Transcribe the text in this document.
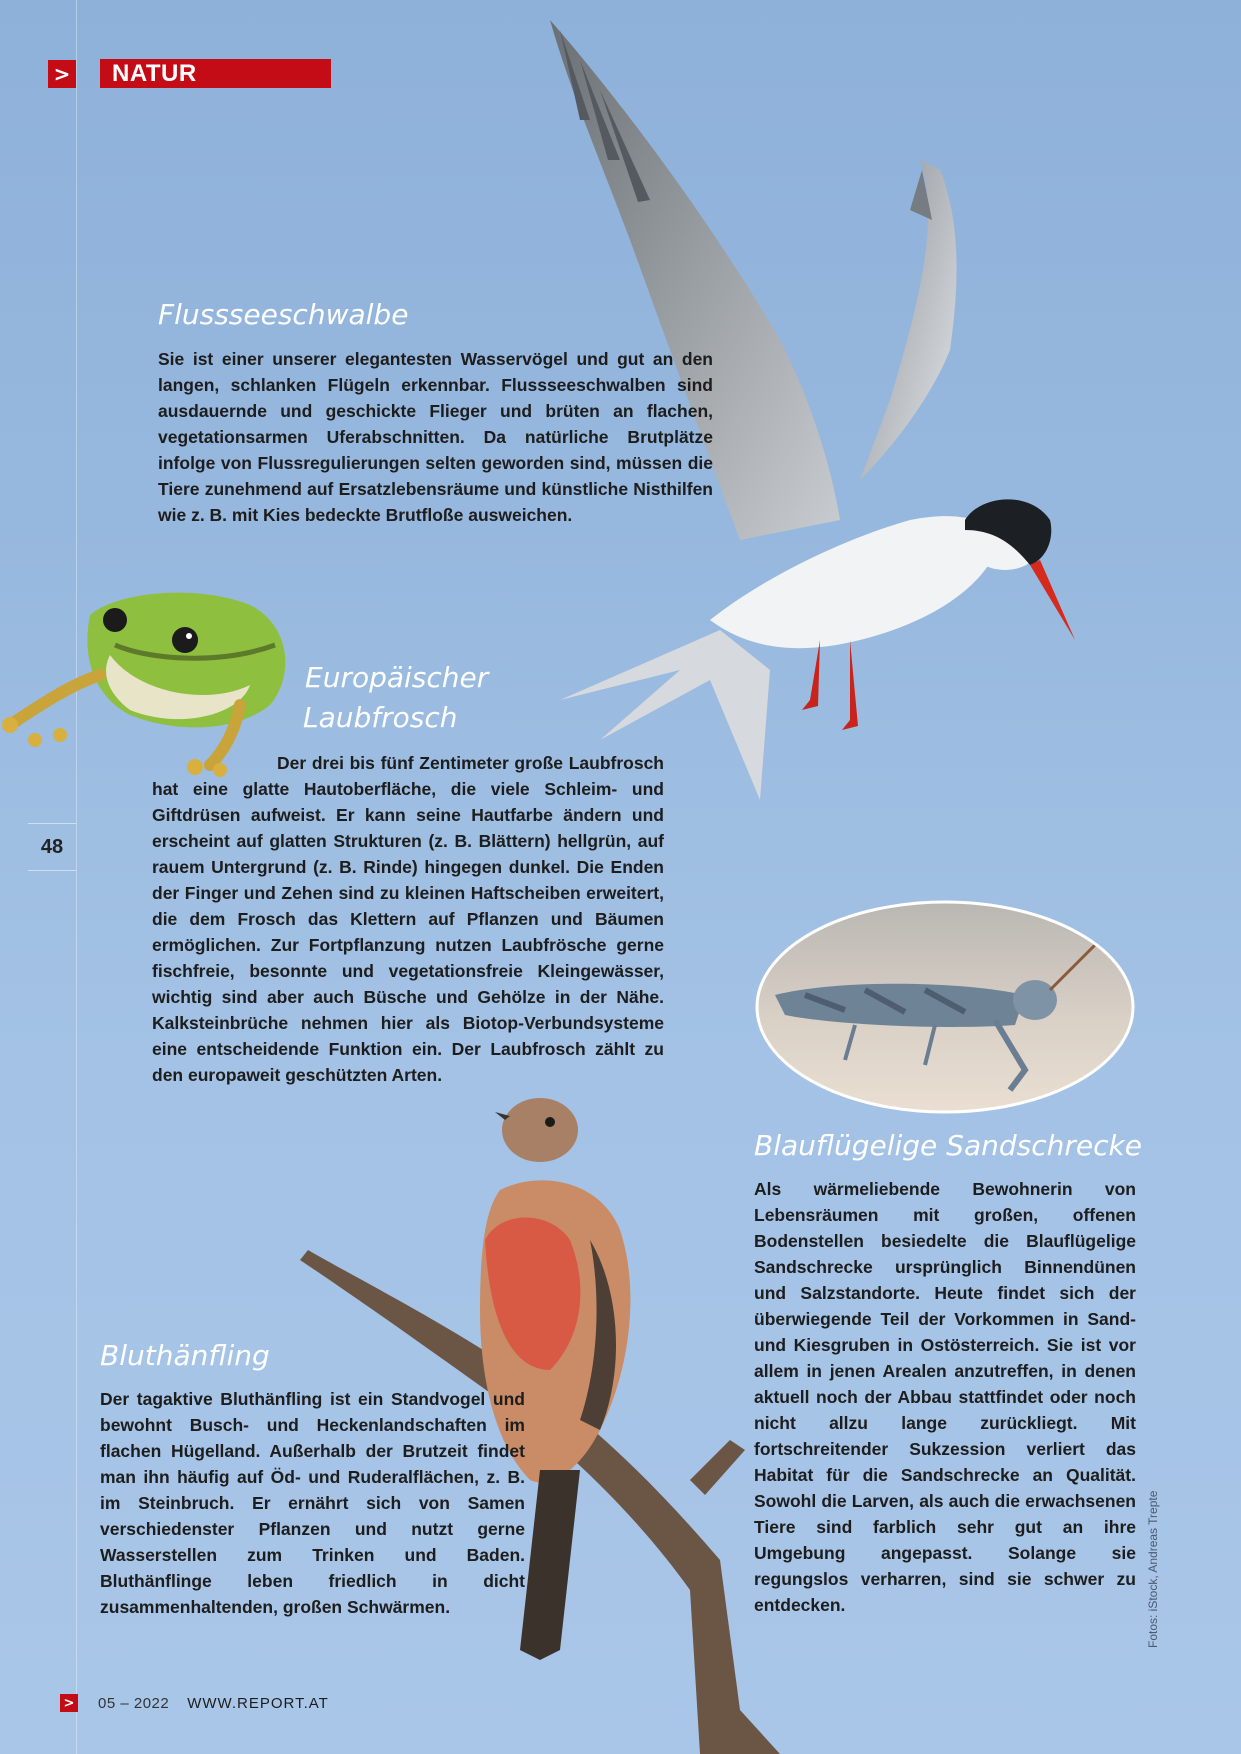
>	NATUR
Flussseeschwalbe

Sie ist einer unserer elegantesten Wasservögel und gut an den langen, schlanken Flügeln erkennbar. Flussseeschwalben sind ausdauernde und geschickte Flieger und brüten an flachen, vegetationsarmen Uferabschnitten. Da natürliche Brutplätze infolge von Flussregulierungen selten geworden sind, müssen die Tiere zunehmend auf Ersatzlebensräume und künstliche Nisthilfen wie z. B. mit Kies bedeckte Brutfloße ausweichen.

Europäischer
Laubfrosch

Der drei bis fünf Zentimeter große Laubfrosch hat eine glatte Hautoberfläche, die viele Schleim- und Giftdrüsen aufweist. Er kann seine Hautfarbe ändern und erscheint auf glatten Strukturen (z. B. Blättern) hellgrün, auf rauem Untergrund (z. B. Rinde) hingegen dunkel. Die Enden der Finger und Zehen sind zu kleinen Haftscheiben erweitert, die dem Frosch das Klettern auf Pflanzen und Bäumen ermöglichen. Zur Fortpflanzung nutzen Laubfrösche gerne fischfreie, besonnte und vegetationsfreie Kleingewässer, wichtig sind aber auch Büsche und Gehölze in der Nähe. Kalksteinbrüche nehmen hier als Biotop-Verbundsysteme eine entscheidende Funktion ein. Der Laubfrosch zählt zu den europaweit geschützten Arten.

Blauflügelige Sandschrecke

Als wärmeliebende Bewohnerin von Lebensräumen mit großen, offenen Bodenstellen besiedelte die Blauflügelige Sandschrecke ursprünglich Binnendünen und Salzstandorte. Heute findet sich der überwiegende Teil der Vorkommen in Sand- und Kiesgruben in Ostösterreich. Sie ist vor allem in jenen Arealen anzutreffen, in denen aktuell noch der Abbau stattfindet oder noch nicht allzu lange zurückliegt. Mit fortschreitender Sukzession verliert das Habitat für die Sandschrecke an Qualität. Sowohl die Larven, als auch die erwachsenen Tiere sind farblich sehr gut an ihre Umgebung angepasst. Solange sie regungslos verharren, sind sie schwer zu entdecken.

Bluthänfling

Der tagaktive Bluthänfling ist ein Standvogel und bewohnt Busch- und Heckenlandschaften im flachen Hügelland. Außerhalb der Brutzeit findet man ihn häufig auf Öd- und Ruderalflächen, z. B. im Steinbruch. Er ernährt sich von Samen verschiedenster Pflanzen und nutzt gerne Wasserstellen zum Trinken und Baden. Bluthänflinge leben friedlich in dicht zusammenhaltenden, großen Schwärmen.

48
> 05 – 2022 WWW.REPORT.AT
Fotos: iStock, Andreas Trepte
